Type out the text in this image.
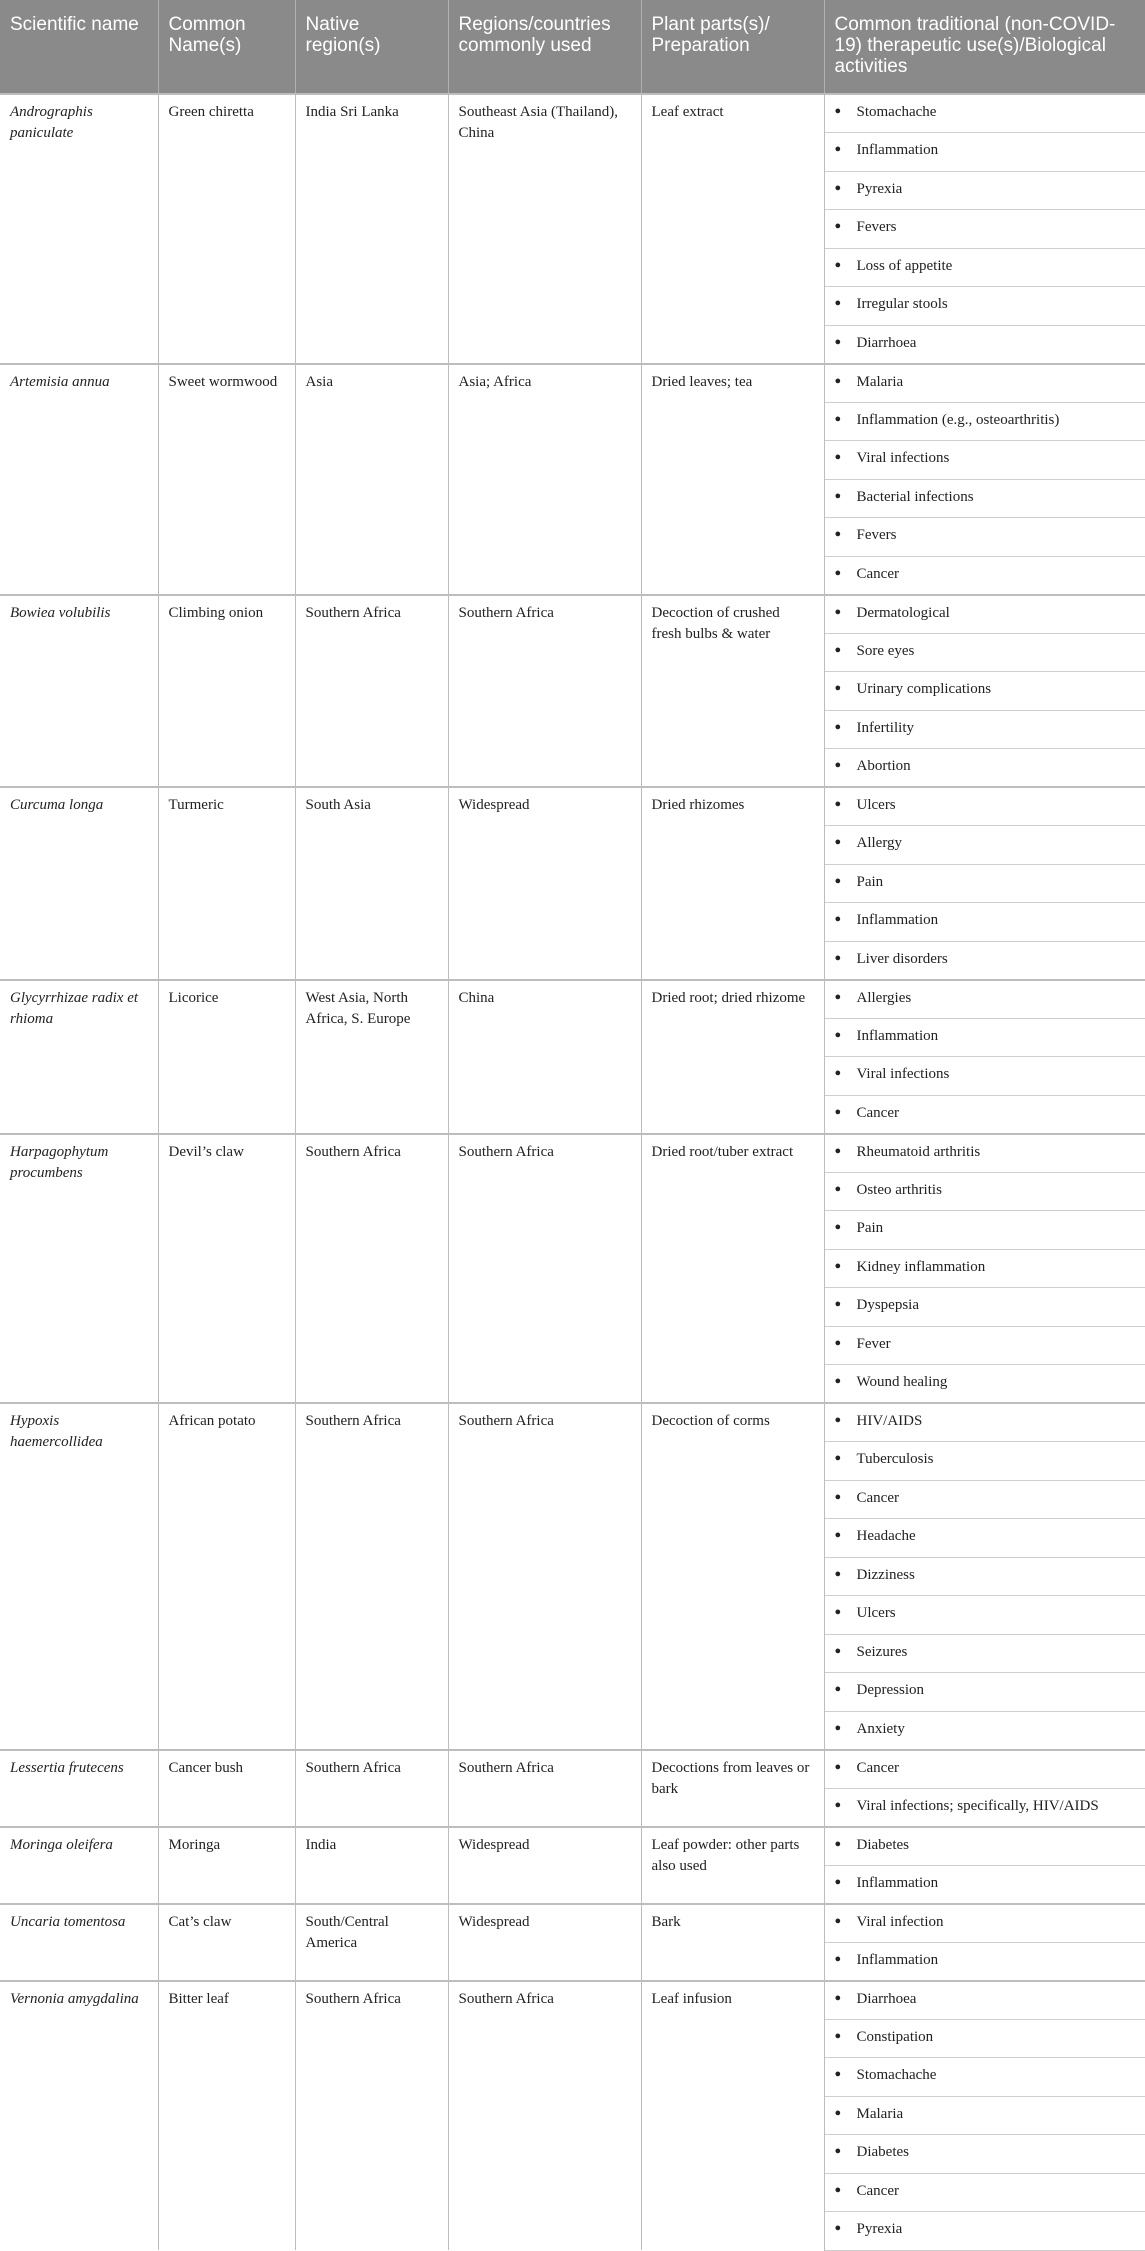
Scientific name	Common Name(s)	Native region(s)	Regions/countries commonly used	Plant parts(s)/ Preparation	Common traditional (non-COVID-19) therapeutic use(s)/Biological activities
Andrographis paniculate	Green chiretta	India Sri Lanka	Southeast Asia (Thailand), China	Leaf extract	● Stomachache
					● Inflammation
					● Pyrexia
					● Fevers
					● Loss of appetite
					● Irregular stools
					● Diarrhoea
Artemisia annua	Sweet wormwood	Asia	Asia; Africa	Dried leaves; tea	● Malaria
					● Inflammation (e.g., osteoarthritis)
					● Viral infections
					● Bacterial infections
					● Fevers
					● Cancer
Bowiea volubilis	Climbing onion	Southern Africa	Southern Africa	Decoction of crushed fresh bulbs & water	● Dermatological
					● Sore eyes
					● Urinary complications
					● Infertility
					● Abortion
Curcuma longa	Turmeric	South Asia	Widespread	Dried rhizomes	● Ulcers
					● Allergy
					● Pain
					● Inflammation
					● Liver disorders
Glycyrrhizae radix et rhioma	Licorice	West Asia, North Africa, S. Europe	China	Dried root; dried rhizome	● Allergies
					● Inflammation
					● Viral infections
					● Cancer
Harpagophytum procumbens	Devil’s claw	Southern Africa	Southern Africa	Dried root/tuber extract	● Rheumatoid arthritis
					● Osteo arthritis
					● Pain
					● Kidney inflammation
					● Dyspepsia
					● Fever
					● Wound healing
Hypoxis haemercollidea	African potato	Southern Africa	Southern Africa	Decoction of corms	● HIV/AIDS
					● Tuberculosis
					● Cancer
					● Headache
					● Dizziness
					● Ulcers
					● Seizures
					● Depression
					● Anxiety
Lessertia frutecens	Cancer bush	Southern Africa	Southern Africa	Decoctions from leaves or bark	● Cancer
					● Viral infections; specifically, HIV/AIDS
Moringa oleifera	Moringa	India	Widespread	Leaf powder: other parts also used	● Diabetes
					● Inflammation
Uncaria tomentosa	Cat’s claw	South/Central America	Widespread	Bark	● Viral infection
					● Inflammation
Vernonia amygdalina	Bitter leaf	Southern Africa	Southern Africa	Leaf infusion	● Diarrhoea
					● Constipation
					● Stomachache
					● Malaria
					● Diabetes
					● Cancer
					● Pyrexia
